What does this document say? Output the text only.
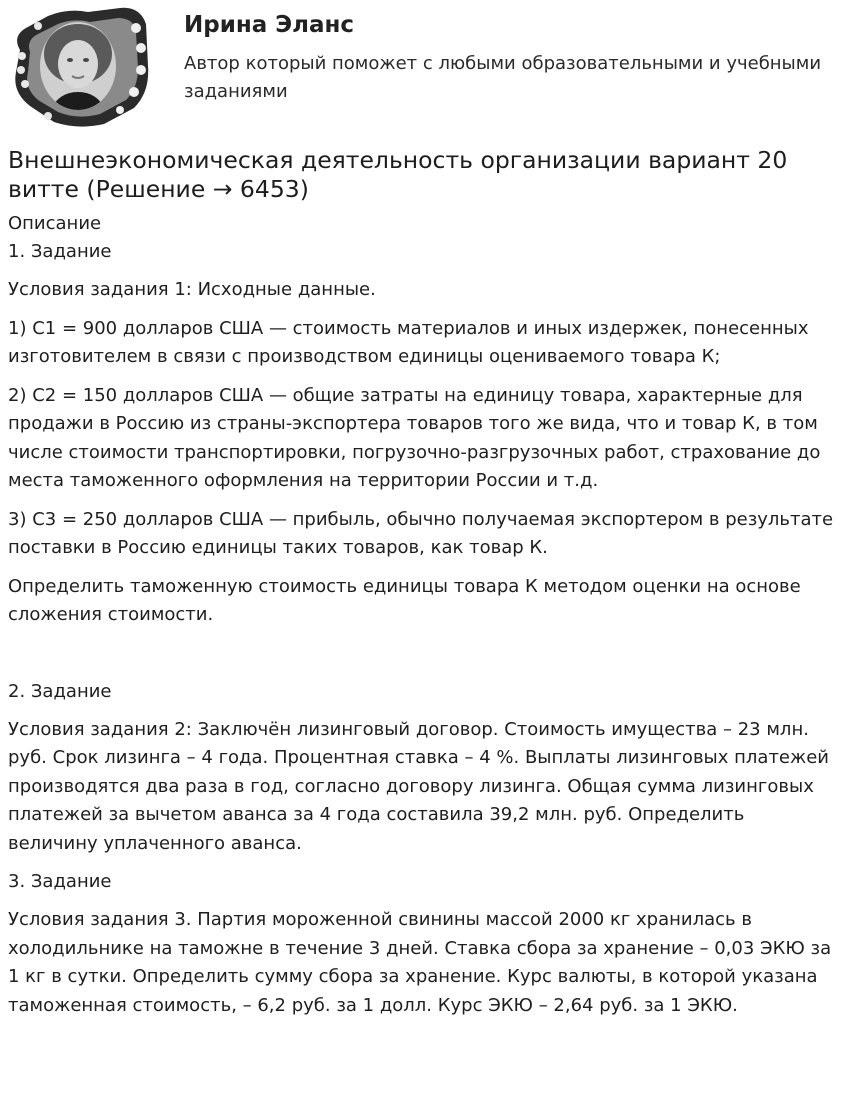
Ирина Эланс
Автор который поможет с любыми образовательными и учебными заданиями
Внешнеэкономическая деятельность организации вариант 20 витте (Решение → 6453)
Описание
1. Задание

Условия задания 1: Исходные данные.

1) C1 = 900 долларов США — стоимость материалов и иных издержек, понесенных изготовителем в связи с производством единицы оцениваемого товара К;

2) С2 = 150 долларов США — общие затраты на единицу товара, характерные для продажи в Россию из страны-экспортера товаров того же вида, что и товар К, в том числе стоимости транспортировки, погрузочно-разгрузочных работ, страхование до места таможенного оформления на территории России и т.д.

3) С3 = 250 долларов США — прибыль, обычно получаемая экспортером в результате поставки в Россию единицы таких товаров, как товар К.

Определить таможенную стоимость единицы товара К методом оценки на основе сложения стоимости.

2. Задание

Условия задания 2: Заключён лизинговый договор. Стоимость имущества – 23 млн. руб. Срок лизинга – 4 года. Процентная ставка – 4 %. Выплаты лизинговых платежей производятся два раза в год, согласно договору лизинга. Общая сумма лизинговых платежей за вычетом аванса за 4 года составила 39,2 млн. руб. Определить величину уплаченного аванса.

3. Задание

Условия задания 3. Партия мороженной свинины массой 2000 кг хранилась в холодильнике на таможне в течение 3 дней. Ставка сбора за хранение – 0,03 ЭКЮ за 1 кг в сутки. Определить сумму сбора за хранение. Курс валюты, в которой указана таможенная стоимость, – 6,2 руб. за 1 долл. Курс ЭКЮ – 2,64 руб. за 1 ЭКЮ.
